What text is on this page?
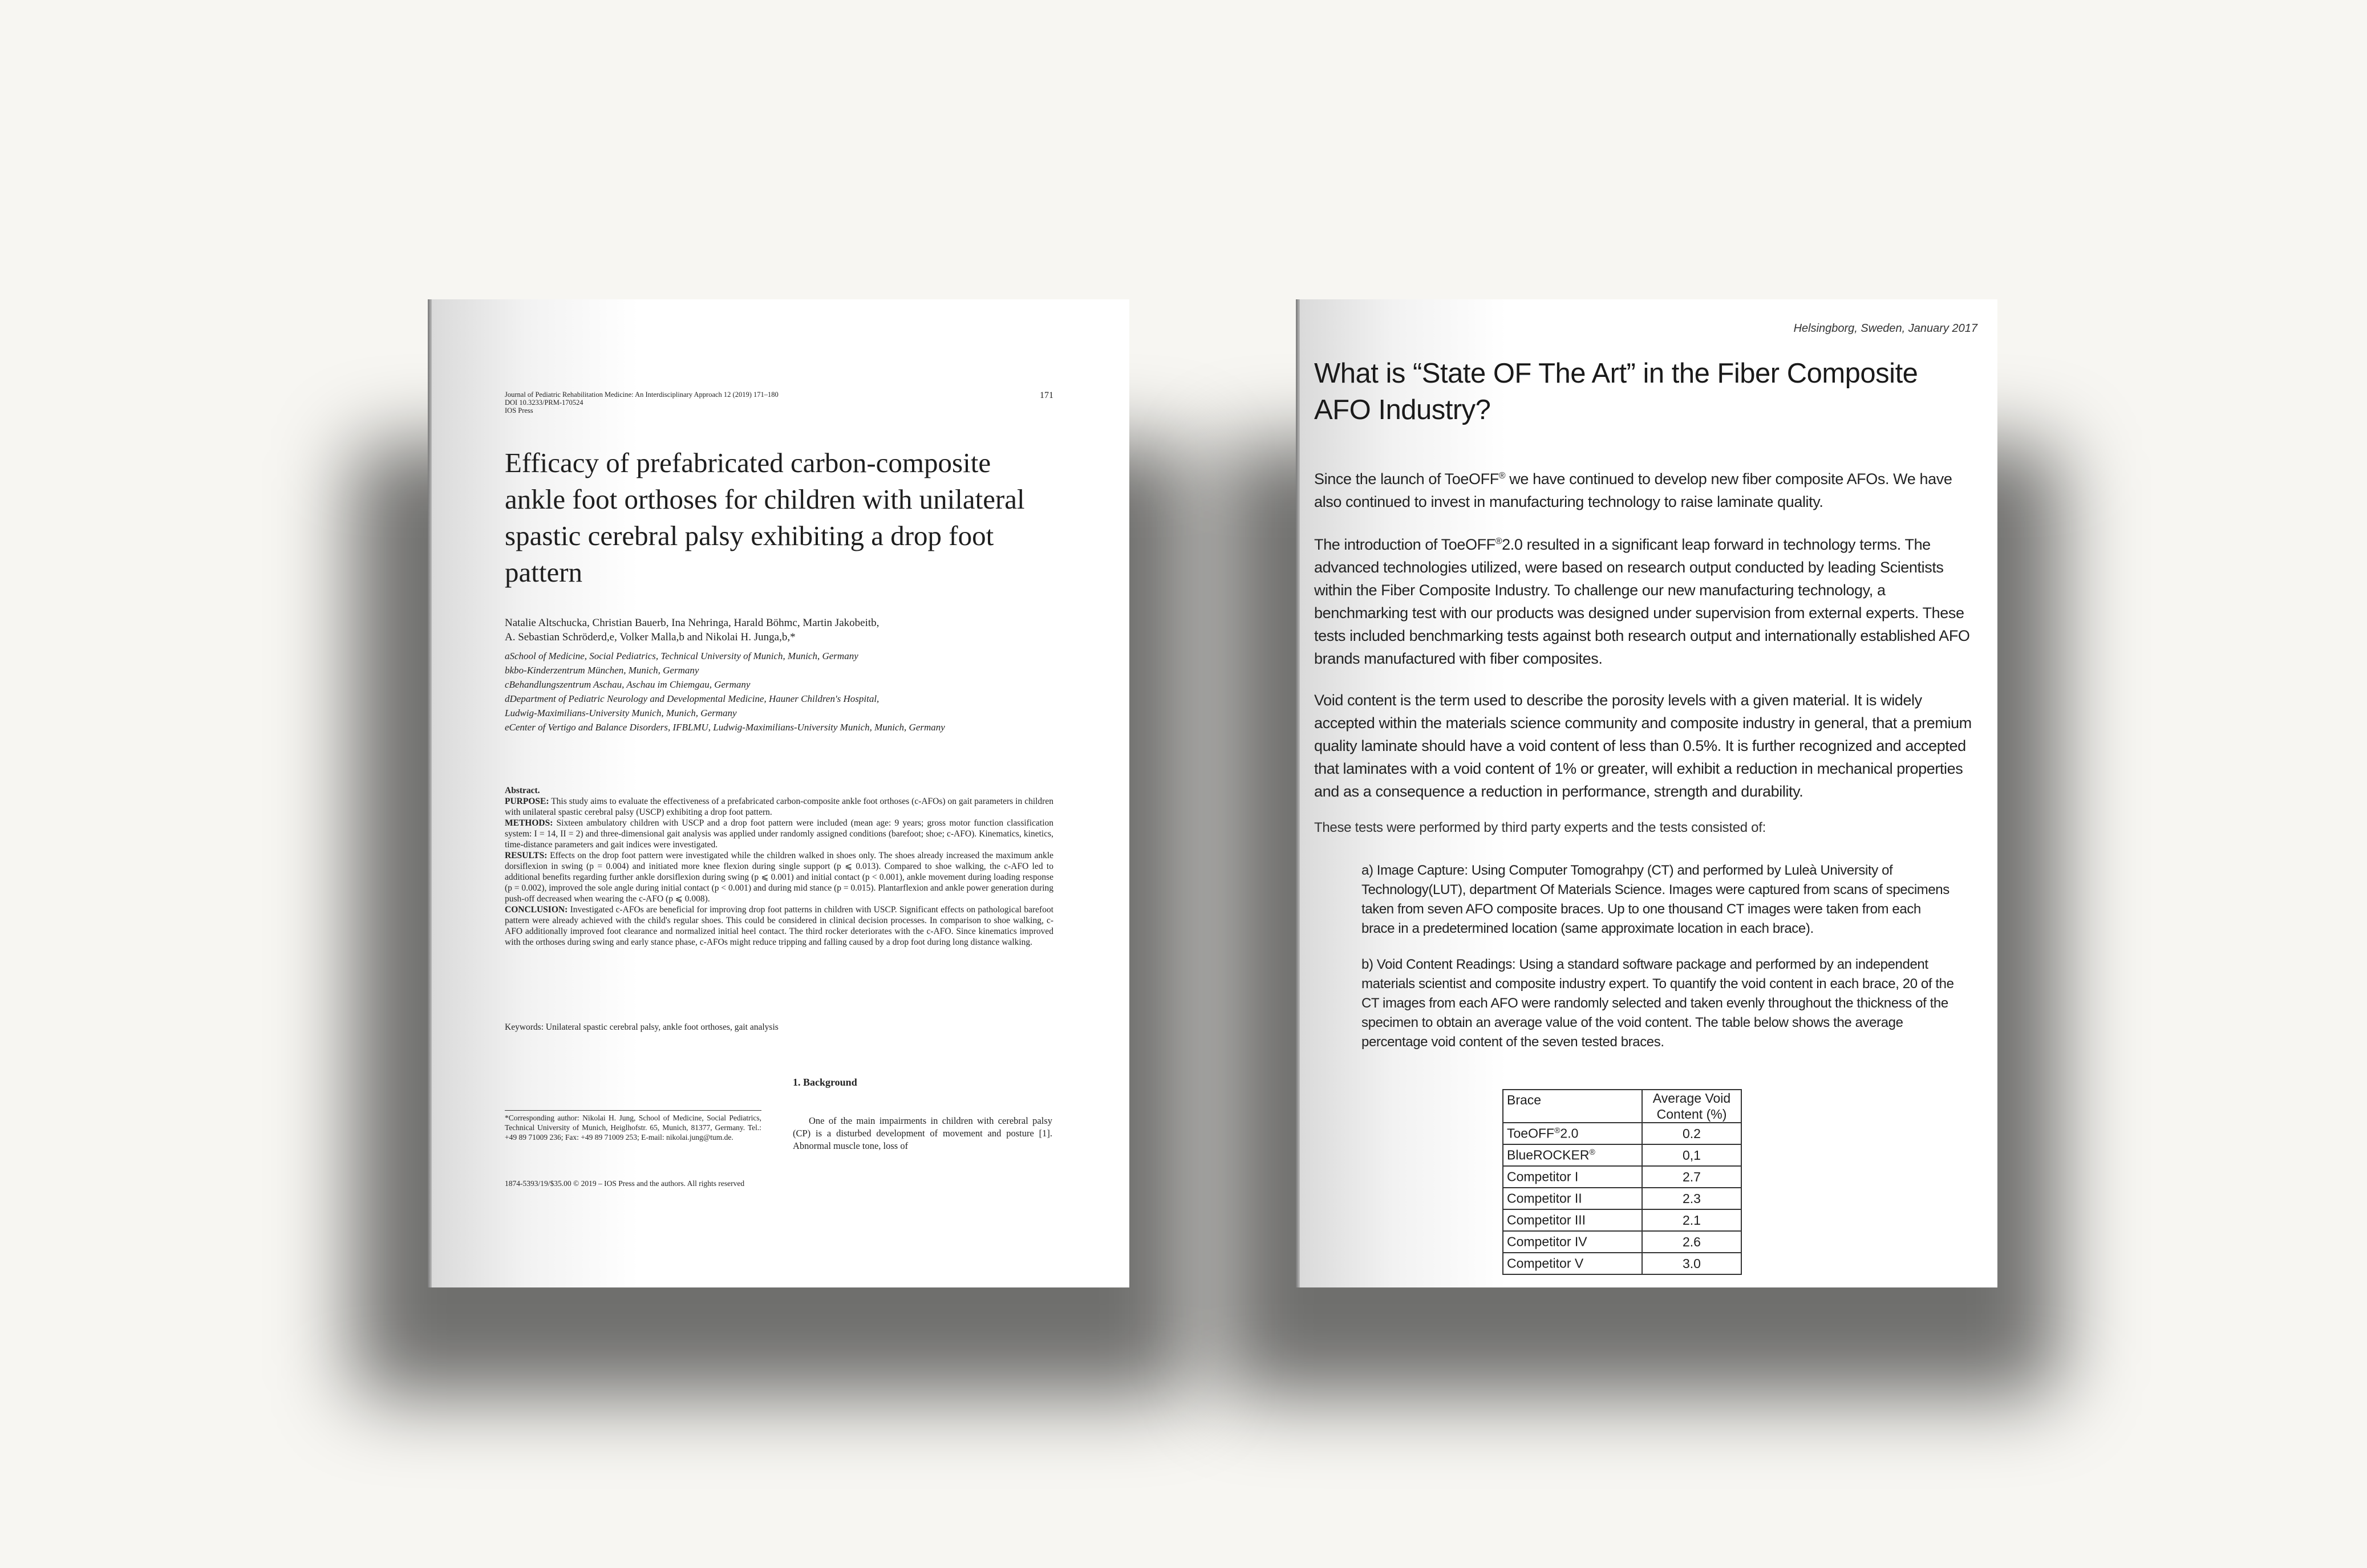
Journal of Pediatric Rehabilitation Medicine: An Interdisciplinary Approach 12 (2019) 171–180
DOI 10.3233/PRM-170524
IOS Press
171
Efficacy of prefabricated carbon-composite ankle foot orthoses for children with unilateral spastic cerebral palsy exhibiting a drop foot pattern
Natalie Altschucka, Christian Bauerb, Ina Nehringa, Harald Böhmc, Martin Jakobeitb,
A. Sebastian Schröderd,e, Volker Malla,b and Nikolai H. Junga,b,*
aSchool of Medicine, Social Pediatrics, Technical University of Munich, Munich, Germany
bkbo-Kinderzentrum München, Munich, Germany
cBehandlungszentrum Aschau, Aschau im Chiemgau, Germany
dDepartment of Pediatric Neurology and Developmental Medicine, Hauner Children's Hospital,
Ludwig-Maximilians-University Munich, Munich, Germany
eCenter of Vertigo and Balance Disorders, IFBLMU, Ludwig-Maximilians-University Munich, Munich, Germany

Abstract.

PURPOSE: This study aims to evaluate the effectiveness of a prefabricated carbon-composite ankle foot orthoses (c-AFOs) on gait parameters in children with unilateral spastic cerebral palsy (USCP) exhibiting a drop foot pattern.

METHODS: Sixteen ambulatory children with USCP and a drop foot pattern were included (mean age: 9 years; gross motor function classification system: I = 14, II = 2) and three-dimensional gait analysis was applied under randomly assigned conditions (barefoot; shoe; c-AFO). Kinematics, kinetics, time-distance parameters and gait indices were investigated.

RESULTS: Effects on the drop foot pattern were investigated while the children walked in shoes only. The shoes already increased the maximum ankle dorsiflexion in swing (p = 0.004) and initiated more knee flexion during single support (p ⩽ 0.013). Compared to shoe walking, the c-AFO led to additional benefits regarding further ankle dorsiflexion during swing (p ⩽ 0.001) and initial contact (p < 0.001), ankle movement during loading response (p = 0.002), improved the sole angle during initial contact (p < 0.001) and during mid stance (p = 0.015). Plantarflexion and ankle power generation during push-off decreased when wearing the c-AFO (p ⩽ 0.008).

CONCLUSION: Investigated c-AFOs are beneficial for improving drop foot patterns in children with USCP. Significant effects on pathological barefoot pattern were already achieved with the child's regular shoes. This could be considered in clinical decision processes. In comparison to shoe walking, c-AFO additionally improved foot clearance and normalized initial heel contact. The third rocker deteriorates with the c-AFO. Since kinematics improved with the orthoses during swing and early stance phase, c-AFOs might reduce tripping and falling caused by a drop foot during long distance walking.

Keywords: Unilateral spastic cerebral palsy, ankle foot orthoses, gait analysis
1. Background
*Corresponding author: Nikolai H. Jung, School of Medicine, Social Pediatrics, Technical University of Munich, Heiglhofstr. 65, Munich, 81377, Germany. Tel.: +49 89 71009 236; Fax: +49 89 71009 253; E-mail: nikolai.jung@tum.de.
One of the main impairments in children with cerebral palsy (CP) is a disturbed development of movement and posture [1]. Abnormal muscle tone, loss of
1874-5393/19/$35.00 © 2019 – IOS Press and the authors. All rights reserved
Helsingborg, Sweden, January 2017
What is “State OF The Art” in the Fiber Composite
AFO Industry?
Since the launch of ToeOFF® we have continued to develop new fiber composite AFOs. We have also continued to invest in manufacturing technology to raise laminate quality.
The introduction of ToeOFF®2.0 resulted in a significant leap forward in technology terms. The advanced technologies utilized, were based on research output conducted by leading Scientists within the Fiber Composite Industry. To challenge our new manufacturing technology, a benchmarking test with our products was designed under supervision from external experts. These tests included benchmarking tests against both research output and internationally established AFO brands manufactured with fiber composites.
Void content is the term used to describe the porosity levels with a given material. It is widely accepted within the materials science community and composite industry in general, that a premium quality laminate should have a void content of less than 0.5%. It is further recognized and accepted that laminates with a void content of 1% or greater, will exhibit a reduction in mechanical properties and as a consequence a reduction in performance, strength and durability.
These tests were performed by third party experts and the tests consisted of:
a) Image Capture: Using Computer Tomograhpy (CT) and performed by Luleà University of Technology(LUT), department Of Materials Science. Images were captured from scans of specimens taken from seven AFO composite braces. Up to one thousand CT images were taken from each brace in a predetermined location (same approximate location in each brace).
b) Void Content Readings: Using a standard software package and performed by an independent materials scientist and composite industry expert. To quantify the void content in each brace, 20 of the CT images from each AFO were randomly selected and taken evenly throughout the thickness of the specimen to obtain an average value of the void content. The table below shows the average percentage void content of the seven tested braces.
Brace	Average Void
Content (%)

ToeOFF®2.0	0.2
BlueROCKER®	0,1
Competitor I	2.7
Competitor II	2.3
Competitor III	2.1
Competitor IV	2.6
Competitor V	3.0
